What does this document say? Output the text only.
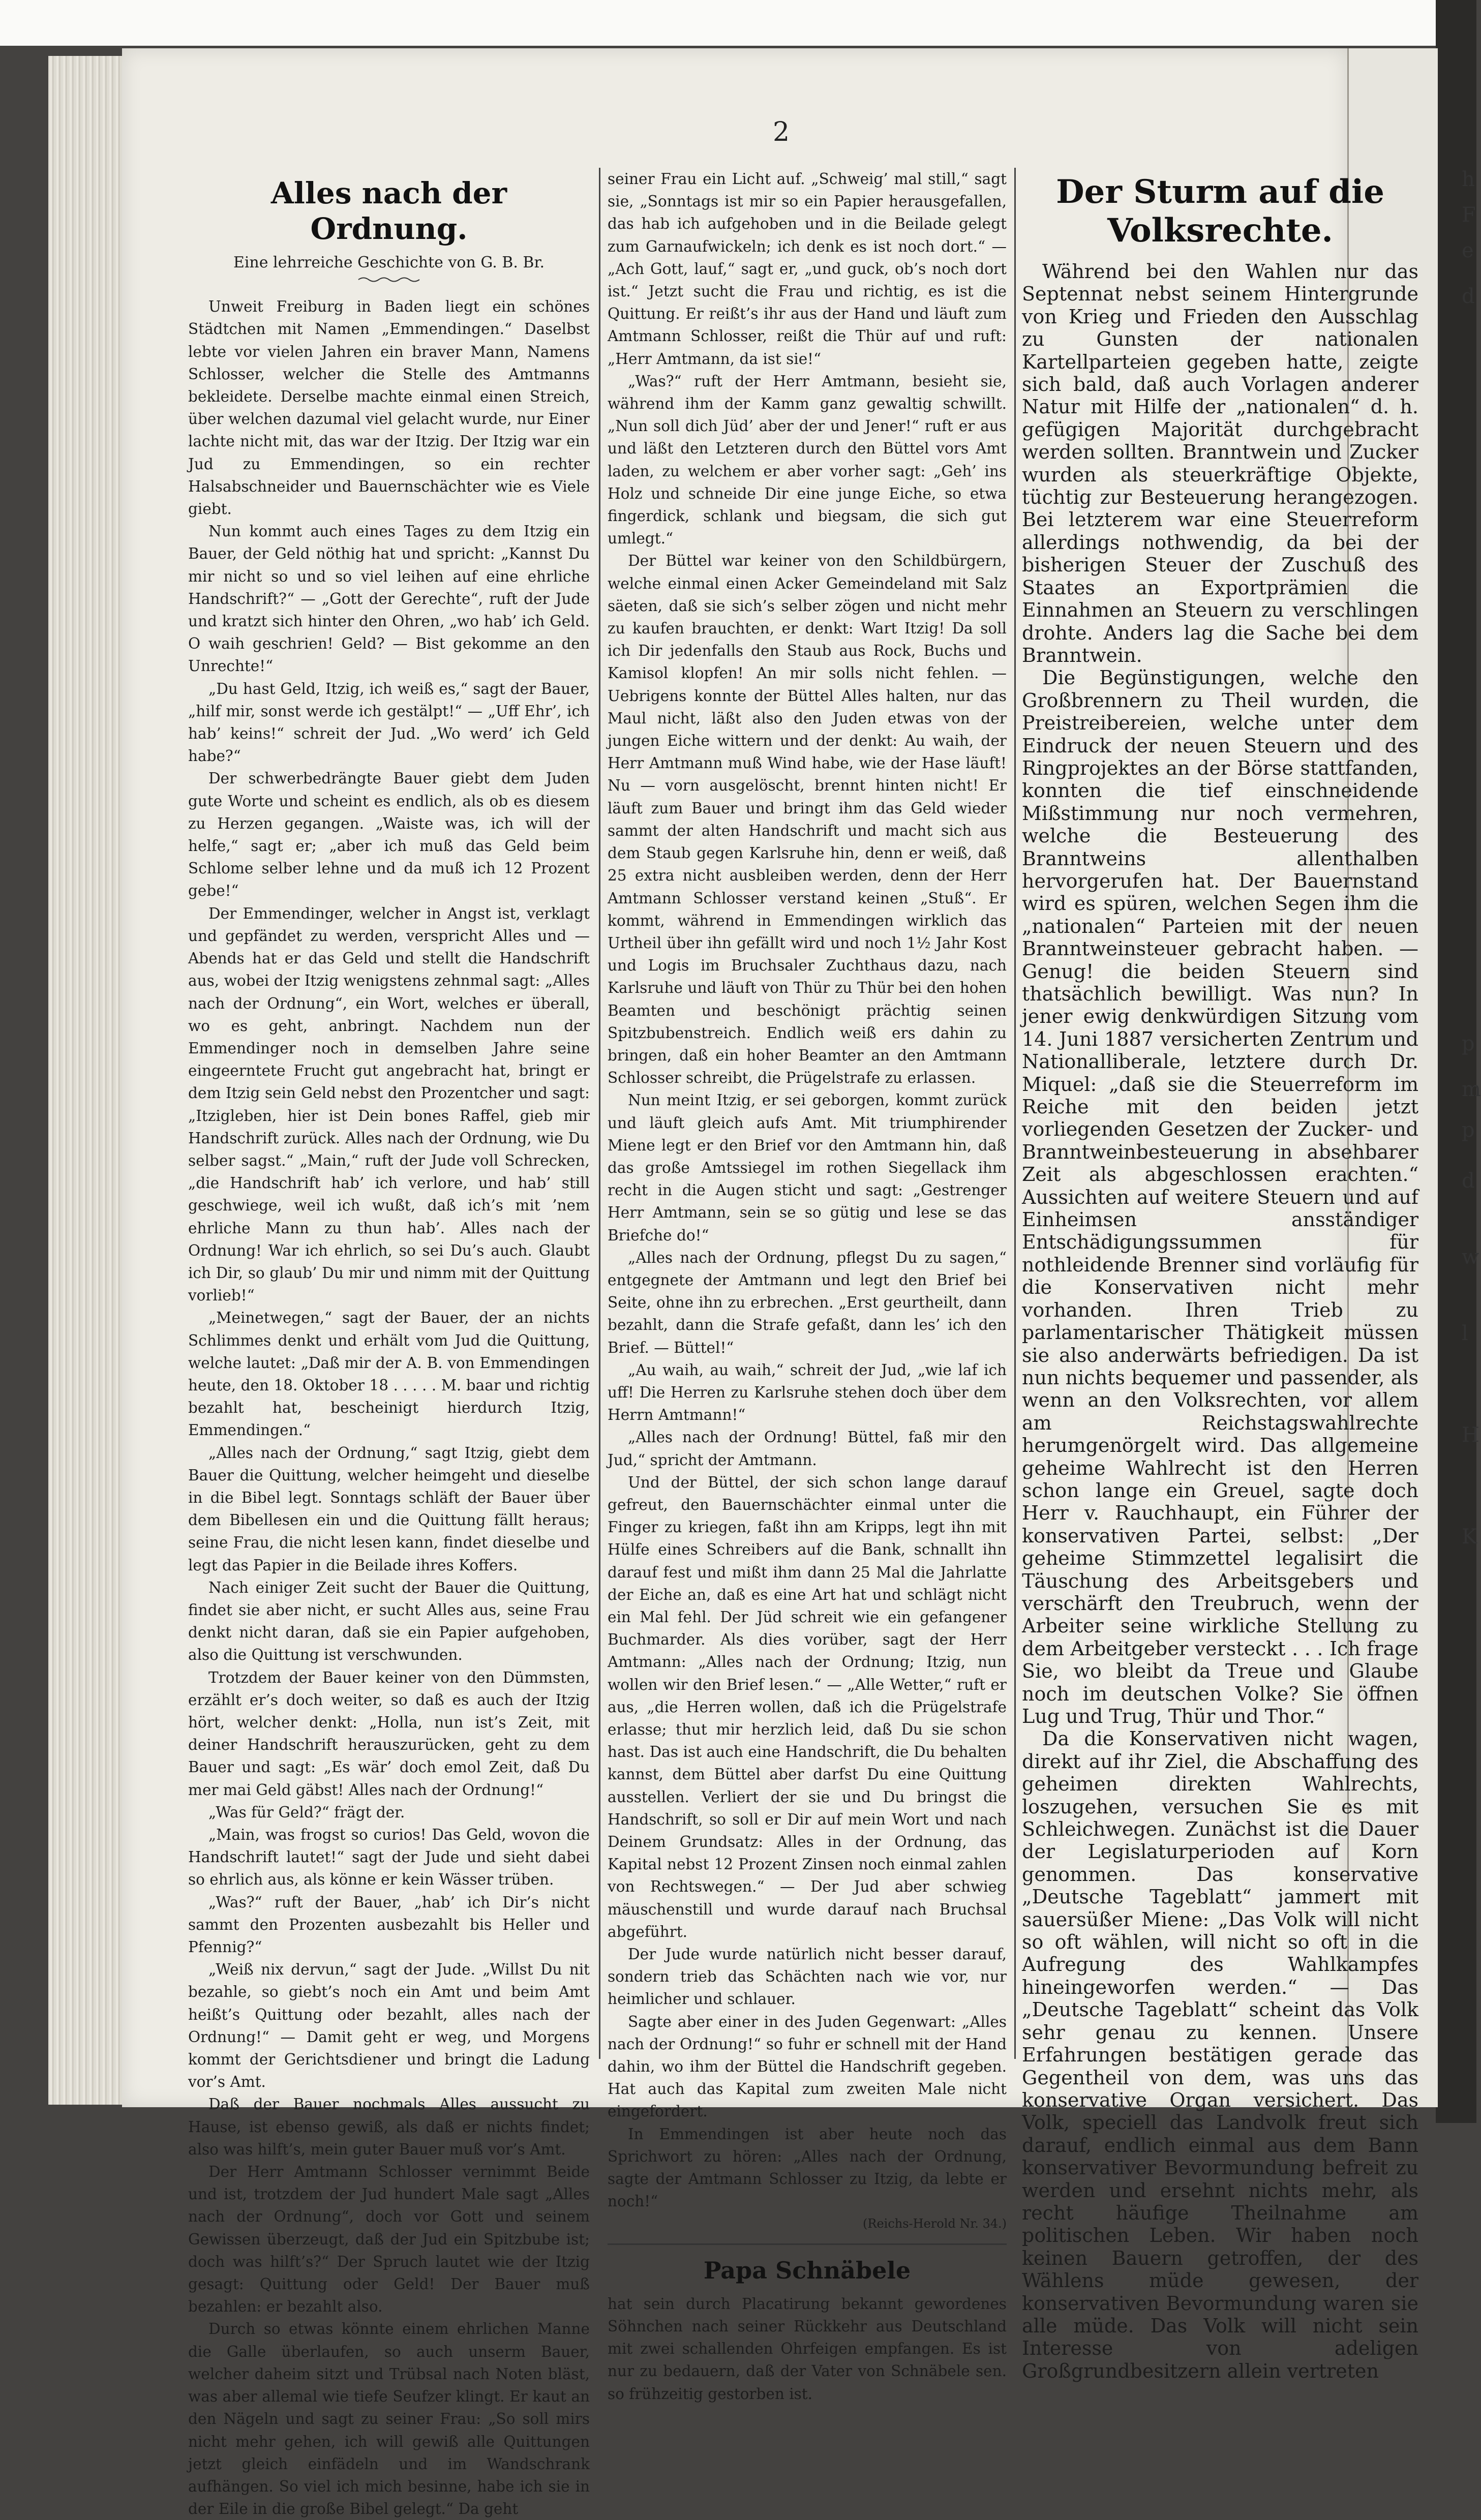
2
Alles nach der Ordnung.
Eine lehrreiche Geschichte von G. B. Br.

Unweit Freiburg in Baden liegt ein schönes Städtchen mit Namen „Emmendingen.“ Daselbst lebte vor vielen Jahren ein braver Mann, Namens Schlosser, welcher die Stelle des Amtmanns bekleidete. Derselbe machte einmal einen Streich, über welchen dazumal viel gelacht wurde, nur Einer lachte nicht mit, das war der Itzig. Der Itzig war ein Jud zu Emmendingen, so ein rechter Halsabschneider und Bauernschächter wie es Viele giebt.

Nun kommt auch eines Tages zu dem Itzig ein Bauer, der Geld nöthig hat und spricht: „Kannst Du mir nicht so und so viel leihen auf eine ehrliche Handschrift?“ — „Gott der Gerechte“, ruft der Jude und kratzt sich hinter den Ohren, „wo hab’ ich Geld. O waih geschrien! Geld? — Bist gekomme an den Unrechte!“

„Du hast Geld, Itzig, ich weiß es,“ sagt der Bauer, „hilf mir, sonst werde ich gestälpt!“ — „Uff Ehr’, ich hab’ keins!“ schreit der Jud. „Wo werd’ ich Geld habe?“

Der schwerbedrängte Bauer giebt dem Juden gute Worte und scheint es endlich, als ob es diesem zu Herzen gegangen. „Waiste was, ich will der helfe,“ sagt er; „aber ich muß das Geld beim Schlome selber lehne und da muß ich 12 Prozent gebe!“

Der Emmendinger, welcher in Angst ist, verklagt und gepfändet zu werden, verspricht Alles und — Abends hat er das Geld und stellt die Handschrift aus, wobei der Itzig wenigstens zehnmal sagt: „Alles nach der Ordnung“, ein Wort, welches er überall, wo es geht, anbringt. Nachdem nun der Emmendinger noch in demselben Jahre seine eingeerntete Frucht gut angebracht hat, bringt er dem Itzig sein Geld nebst den Prozentcher und sagt: „Itzigleben, hier ist Dein bones Raffel, gieb mir Handschrift zurück. Alles nach der Ordnung, wie Du selber sagst.“ „Main,“ ruft der Jude voll Schrecken, „die Handschrift hab’ ich verlore, und hab’ still geschwiege, weil ich wußt, daß ich’s mit ’nem ehrliche Mann zu thun hab’. Alles nach der Ordnung! War ich ehrlich, so sei Du’s auch. Glaubt ich Dir, so glaub’ Du mir und nimm mit der Quittung vorlieb!“

„Meinetwegen,“ sagt der Bauer, der an nichts Schlimmes denkt und erhält vom Jud die Quittung, welche lautet: „Daß mir der A. B. von Emmendingen heute, den 18. Oktober 18 . . . . . M. baar und richtig bezahlt hat, bescheinigt hierdurch Itzig, Emmendingen.“

„Alles nach der Ordnung,“ sagt Itzig, giebt dem Bauer die Quittung, welcher heimgeht und dieselbe in die Bibel legt. Sonntags schläft der Bauer über dem Bibellesen ein und die Quittung fällt heraus; seine Frau, die nicht lesen kann, findet dieselbe und legt das Papier in die Beilade ihres Koffers.

Nach einiger Zeit sucht der Bauer die Quittung, findet sie aber nicht, er sucht Alles aus, seine Frau denkt nicht daran, daß sie ein Papier aufgehoben, also die Quittung ist verschwunden.

Trotzdem der Bauer keiner von den Dümmsten, erzählt er’s doch weiter, so daß es auch der Itzig hört, welcher denkt: „Holla, nun ist’s Zeit, mit deiner Handschrift herauszurücken, geht zu dem Bauer und sagt: „Es wär’ doch emol Zeit, daß Du mer mai Geld gäbst! Alles nach der Ordnung!“

„Was für Geld?“ frägt der.

„Main, was frogst so curios! Das Geld, wovon die Handschrift lautet!“ sagt der Jude und sieht dabei so ehrlich aus, als könne er kein Wässer trüben.

„Was?“ ruft der Bauer, „hab’ ich Dir’s nicht sammt den Prozenten ausbezahlt bis Heller und Pfennig?“

„Weiß nix dervun,“ sagt der Jude. „Willst Du nit bezahle, so giebt’s noch ein Amt und beim Amt heißt’s Quittung oder bezahlt, alles nach der Ordnung!“ — Damit geht er weg, und Morgens kommt der Gerichtsdiener und bringt die Ladung vor’s Amt.

Daß der Bauer nochmals Alles aussucht zu Hause, ist ebenso gewiß, als daß er nichts findet; also was hilft’s, mein guter Bauer muß vor’s Amt.

Der Herr Amtmann Schlosser vernimmt Beide und ist, trotzdem der Jud hundert Male sagt „Alles nach der Ordnung“, doch vor Gott und seinem Gewissen überzeugt, daß der Jud ein Spitzbube ist; doch was hilft’s?“ Der Spruch lautet wie der Itzig gesagt: Quittung oder Geld! Der Bauer muß bezahlen: er bezahlt also.

Durch so etwas könnte einem ehrlichen Manne die Galle überlaufen, so auch unserm Bauer, welcher daheim sitzt und Trübsal nach Noten bläst, was aber allemal wie tiefe Seufzer klingt. Er kaut an den Nägeln und sagt zu seiner Frau: „So soll mirs nicht mehr gehen, ich will gewiß alle Quittungen jetzt gleich einfädeln und im Wandschrank aufhängen. So viel ich mich besinne, habe ich sie in der Eile in die große Bibel gelegt.“ Da geht

seiner Frau ein Licht auf. „Schweig’ mal still,“ sagt sie, „Sonntags ist mir so ein Papier herausgefallen, das hab ich aufgehoben und in die Beilade gelegt zum Garnaufwickeln; ich denk es ist noch dort.“ — „Ach Gott, lauf,“ sagt er, „und guck, ob’s noch dort ist.“ Jetzt sucht die Frau und richtig, es ist die Quittung. Er reißt’s ihr aus der Hand und läuft zum Amtmann Schlosser, reißt die Thür auf und ruft: „Herr Amtmann, da ist sie!“

„Was?“ ruft der Herr Amtmann, besieht sie, während ihm der Kamm ganz gewaltig schwillt. „Nun soll dich Jüd’ aber der und Jener!“ ruft er aus und läßt den Letzteren durch den Büttel vors Amt laden, zu welchem er aber vorher sagt: „Geh’ ins Holz und schneide Dir eine junge Eiche, so etwa fingerdick, schlank und biegsam, die sich gut umlegt.“

Der Büttel war keiner von den Schildbürgern, welche einmal einen Acker Gemeindeland mit Salz säeten, daß sie sich’s selber zögen und nicht mehr zu kaufen brauchten, er denkt: Wart Itzig! Da soll ich Dir jedenfalls den Staub aus Rock, Buchs und Kamisol klopfen! An mir solls nicht fehlen. — Uebrigens konnte der Büttel Alles halten, nur das Maul nicht, läßt also den Juden etwas von der jungen Eiche wittern und der denkt: Au waih, der Herr Amtmann muß Wind habe, wie der Hase läuft! Nu — vorn ausgelöscht, brennt hinten nicht! Er läuft zum Bauer und bringt ihm das Geld wieder sammt der alten Handschrift und macht sich aus dem Staub gegen Karlsruhe hin, denn er weiß, daß 25 extra nicht ausbleiben werden, denn der Herr Amtmann Schlosser verstand keinen „Stuß“. Er kommt, während in Emmendingen wirklich das Urtheil über ihn gefällt wird und noch 1½ Jahr Kost und Logis im Bruchsaler Zuchthaus dazu, nach Karlsruhe und läuft von Thür zu Thür bei den hohen Beamten und beschönigt prächtig seinen Spitzbubenstreich. Endlich weiß ers dahin zu bringen, daß ein hoher Beamter an den Amtmann Schlosser schreibt, die Prügelstrafe zu erlassen.

Nun meint Itzig, er sei geborgen, kommt zurück und läuft gleich aufs Amt. Mit triumphirender Miene legt er den Brief vor den Amtmann hin, daß das große Amtssiegel im rothen Siegellack ihm recht in die Augen sticht und sagt: „Gestrenger Herr Amtmann, sein se so gütig und lese se das Briefche do!“

„Alles nach der Ordnung, pflegst Du zu sagen,“ entgegnete der Amtmann und legt den Brief bei Seite, ohne ihn zu erbrechen. „Erst geurtheilt, dann bezahlt, dann die Strafe gefaßt, dann les’ ich den Brief. — Büttel!“

„Au waih, au waih,“ schreit der Jud, „wie laf ich uff! Die Herren zu Karlsruhe stehen doch über dem Herrn Amtmann!“

„Alles nach der Ordnung! Büttel, faß mir den Jud,“ spricht der Amtmann.

Und der Büttel, der sich schon lange darauf gefreut, den Bauernschächter einmal unter die Finger zu kriegen, faßt ihn am Kripps, legt ihn mit Hülfe eines Schreibers auf die Bank, schnallt ihn darauf fest und mißt ihm dann 25 Mal die Jahrlatte der Eiche an, daß es eine Art hat und schlägt nicht ein Mal fehl. Der Jüd schreit wie ein gefangener Buchmarder. Als dies vorüber, sagt der Herr Amtmann: „Alles nach der Ordnung; Itzig, nun wollen wir den Brief lesen.“ — „Alle Wetter,“ ruft er aus, „die Herren wollen, daß ich die Prügelstrafe erlasse; thut mir herzlich leid, daß Du sie schon hast. Das ist auch eine Handschrift, die Du behalten kannst, dem Büttel aber darfst Du eine Quittung ausstellen. Verliert der sie und Du bringst die Handschrift, so soll er Dir auf mein Wort und nach Deinem Grundsatz: Alles in der Ordnung, das Kapital nebst 12 Prozent Zinsen noch einmal zahlen von Rechtswegen.“ — Der Jud aber schwieg mäuschenstill und wurde darauf nach Bruchsal abgeführt.

Der Jude wurde natürlich nicht besser darauf, sondern trieb das Schächten nach wie vor, nur heimlicher und schlauer.

Sagte aber einer in des Juden Gegenwart: „Alles nach der Ordnung!“ so fuhr er schnell mit der Hand dahin, wo ihm der Büttel die Handschrift gegeben. Hat auch das Kapital zum zweiten Male nicht eingefordert.

In Emmendingen ist aber heute noch das Sprichwort zu hören: „Alles nach der Ordnung, sagte der Amtmann Schlosser zu Itzig, da lebte er noch!“

(Reichs-Herold Nr. 34.)

Papa Schnäbele

hat sein durch Placatirung bekannt gewordenes Söhnchen nach seiner Rückkehr aus Deutschland mit zwei schallenden Ohrfeigen empfangen. Es ist nur zu bedauern, daß der Vater von Schnäbele sen. so frühzeitig gestorben ist.

Der Sturm auf die Volksrechte.

Während bei den Wahlen nur das Septennat nebst seinem Hintergrunde von Krieg und Frieden den Ausschlag zu Gunsten der nationalen Kartellparteien gegeben hatte, zeigte sich bald, daß auch Vorlagen anderer Natur mit Hilfe der „nationalen“ d. h. gefügigen Majorität durchgebracht werden sollten. Branntwein und Zucker wurden als steuerkräftige Objekte, tüchtig zur Besteuerung herangezogen. Bei letzterem war eine Steuerreform allerdings nothwendig, da bei der bisherigen Steuer der Zuschuß des Staates an Exportprämien die Einnahmen an Steuern zu verschlingen drohte. Anders lag die Sache bei dem Branntwein.

Die Begünstigungen, welche den Großbrennern zu Theil wurden, die Preistreibereien, welche unter dem Eindruck der neuen Steuern und des Ringprojektes an der Börse stattfanden, konnten die tief einschneidende Mißstimmung nur noch vermehren, welche die Besteuerung des Branntweins allenthalben hervorgerufen hat. Der Bauernstand wird es spüren, welchen Segen ihm die „nationalen“ Parteien mit der neuen Branntweinsteuer gebracht haben. — Genug! die beiden Steuern sind thatsächlich bewilligt. Was nun? In jener ewig denkwürdigen Sitzung vom 14. Juni 1887 versicherten Zentrum und Nationalliberale, letztere durch Dr. Miquel: „daß sie die Steuerreform im Reiche mit den beiden jetzt vorliegenden Gesetzen der Zucker- und Branntweinbesteuerung in absehbarer Zeit als abgeschlossen erachten.“ Aussichten auf weitere Steuern und auf Einheimsen ansständiger Entschädigungssummen für nothleidende Brenner sind vorläufig für die Konservativen nicht mehr vorhanden. Ihren Trieb zu parlamentarischer Thätigkeit müssen sie also anderwärts befriedigen. Da ist nun nichts bequemer und passender, als wenn an den Volksrechten, vor allem am Reichstagswahlrechte herumgenörgelt wird. Das allgemeine geheime Wahlrecht ist den Herren schon lange ein Greuel, sagte doch Herr v. Rauchhaupt, ein Führer der konservativen Partei, selbst: „Der geheime Stimmzettel legalisirt die Täuschung des Arbeitsgebers und verschärft den Treubruch, wenn der Arbeiter seine wirkliche Stellung zu dem Arbeitgeber versteckt . . . Ich frage Sie, wo bleibt da Treue und Glaube noch im deutschen Volke? Sie öffnen Lug und Trug, Thür und Thor.“

Da die Konservativen nicht wagen, direkt auf ihr Ziel, die Abschaffung des geheimen direkten Wahlrechts, loszugehen, versuchen Sie es mit Schleichwegen. Zunächst ist die Dauer der Legislaturperioden auf Korn genommen. Das konservative „Deutsche Tageblatt“ jammert mit sauersüßer Miene: „Das Volk will nicht so oft wählen, will nicht so oft in die Aufregung des Wahlkampfes hineingeworfen werden.“ — Das „Deutsche Tageblatt“ scheint das Volk sehr genau zu kennen. Unsere Erfahrungen bestätigen gerade das Gegentheil von dem, was uns das konservative Organ versichert. Das Volk, speciell das Landvolk freut sich darauf, endlich einmal aus dem Bann konservativer Bevormundung befreit zu werden und ersehnt nichts mehr, als recht häufige Theilnahme am politischen Leben. Wir haben noch keinen Bauern getroffen, der des Wählens müde gewesen, der konservativen Bevormundung waren sie alle müde. Das Volk will nicht sein Interesse von adeligen Großgrundbesitzern allein vertreten

h
F
e
d
p
m
p
d
w
l
H
K
